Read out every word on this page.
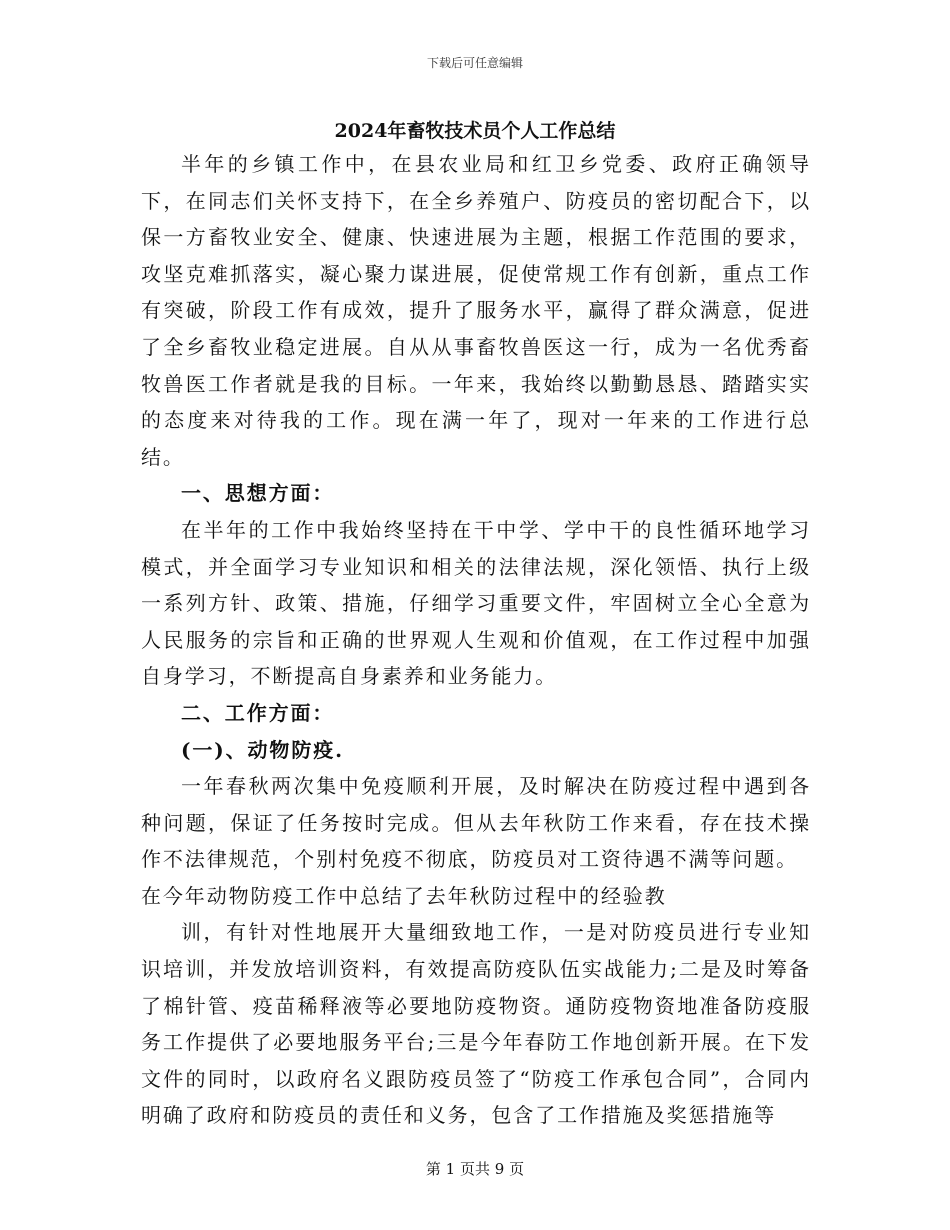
下载后可任意编辑
2024年畜牧技术员个人工作总结

半年的乡镇工作中，在县农业局和红卫乡党委、政府正确领导下，在同志们关怀支持下，在全乡养殖户、防疫员的密切配合下，以保一方畜牧业安全、健康、快速进展为主题，根据工作范围的要求，攻坚克难抓落实，凝心聚力谋进展，促使常规工作有创新，重点工作有突破，阶段工作有成效，提升了服务水平，赢得了群众满意，促进了全乡畜牧业稳定进展。自从从事畜牧兽医这一行，成为一名优秀畜牧兽医工作者就是我的目标。一年来，我始终以勤勤恳恳、踏踏实实的态度来对待我的工作。现在满一年了，现对一年来的工作进行总结。

一、思想方面：

在半年的工作中我始终坚持在干中学、学中干的良性循环地学习模式，并全面学习专业知识和相关的法律法规，深化领悟、执行上级一系列方针、政策、措施，仔细学习重要文件，牢固树立全心全意为人民服务的宗旨和正确的世界观人生观和价值观，在工作过程中加强自身学习，不断提高自身素养和业务能力。

二、工作方面：

(一)、动物防疫.

一年春秋两次集中免疫顺利开展，及时解决在防疫过程中遇到各种问题，保证了任务按时完成。但从去年秋防工作来看，存在技术操作不法律规范，个别村免疫不彻底，防疫员对工资待遇不满等问题。

在今年动物防疫工作中总结了去年秋防过程中的经验教

训，有针对性地展开大量细致地工作，一是对防疫员进行专业知识培训，并发放培训资料，有效提高防疫队伍实战能力;二是及时筹备了棉针管、疫苗稀释液等必要地防疫物资。通防疫物资地准备防疫服务工作提供了必要地服务平台;三是今年春防工作地创新开展。在下发文件的同时，以政府名义跟防疫员签了“防疫工作承包合同”，合同内明确了政府和防疫员的责任和义务，包含了工作措施及奖惩措施等

第 1 页共 9 页
